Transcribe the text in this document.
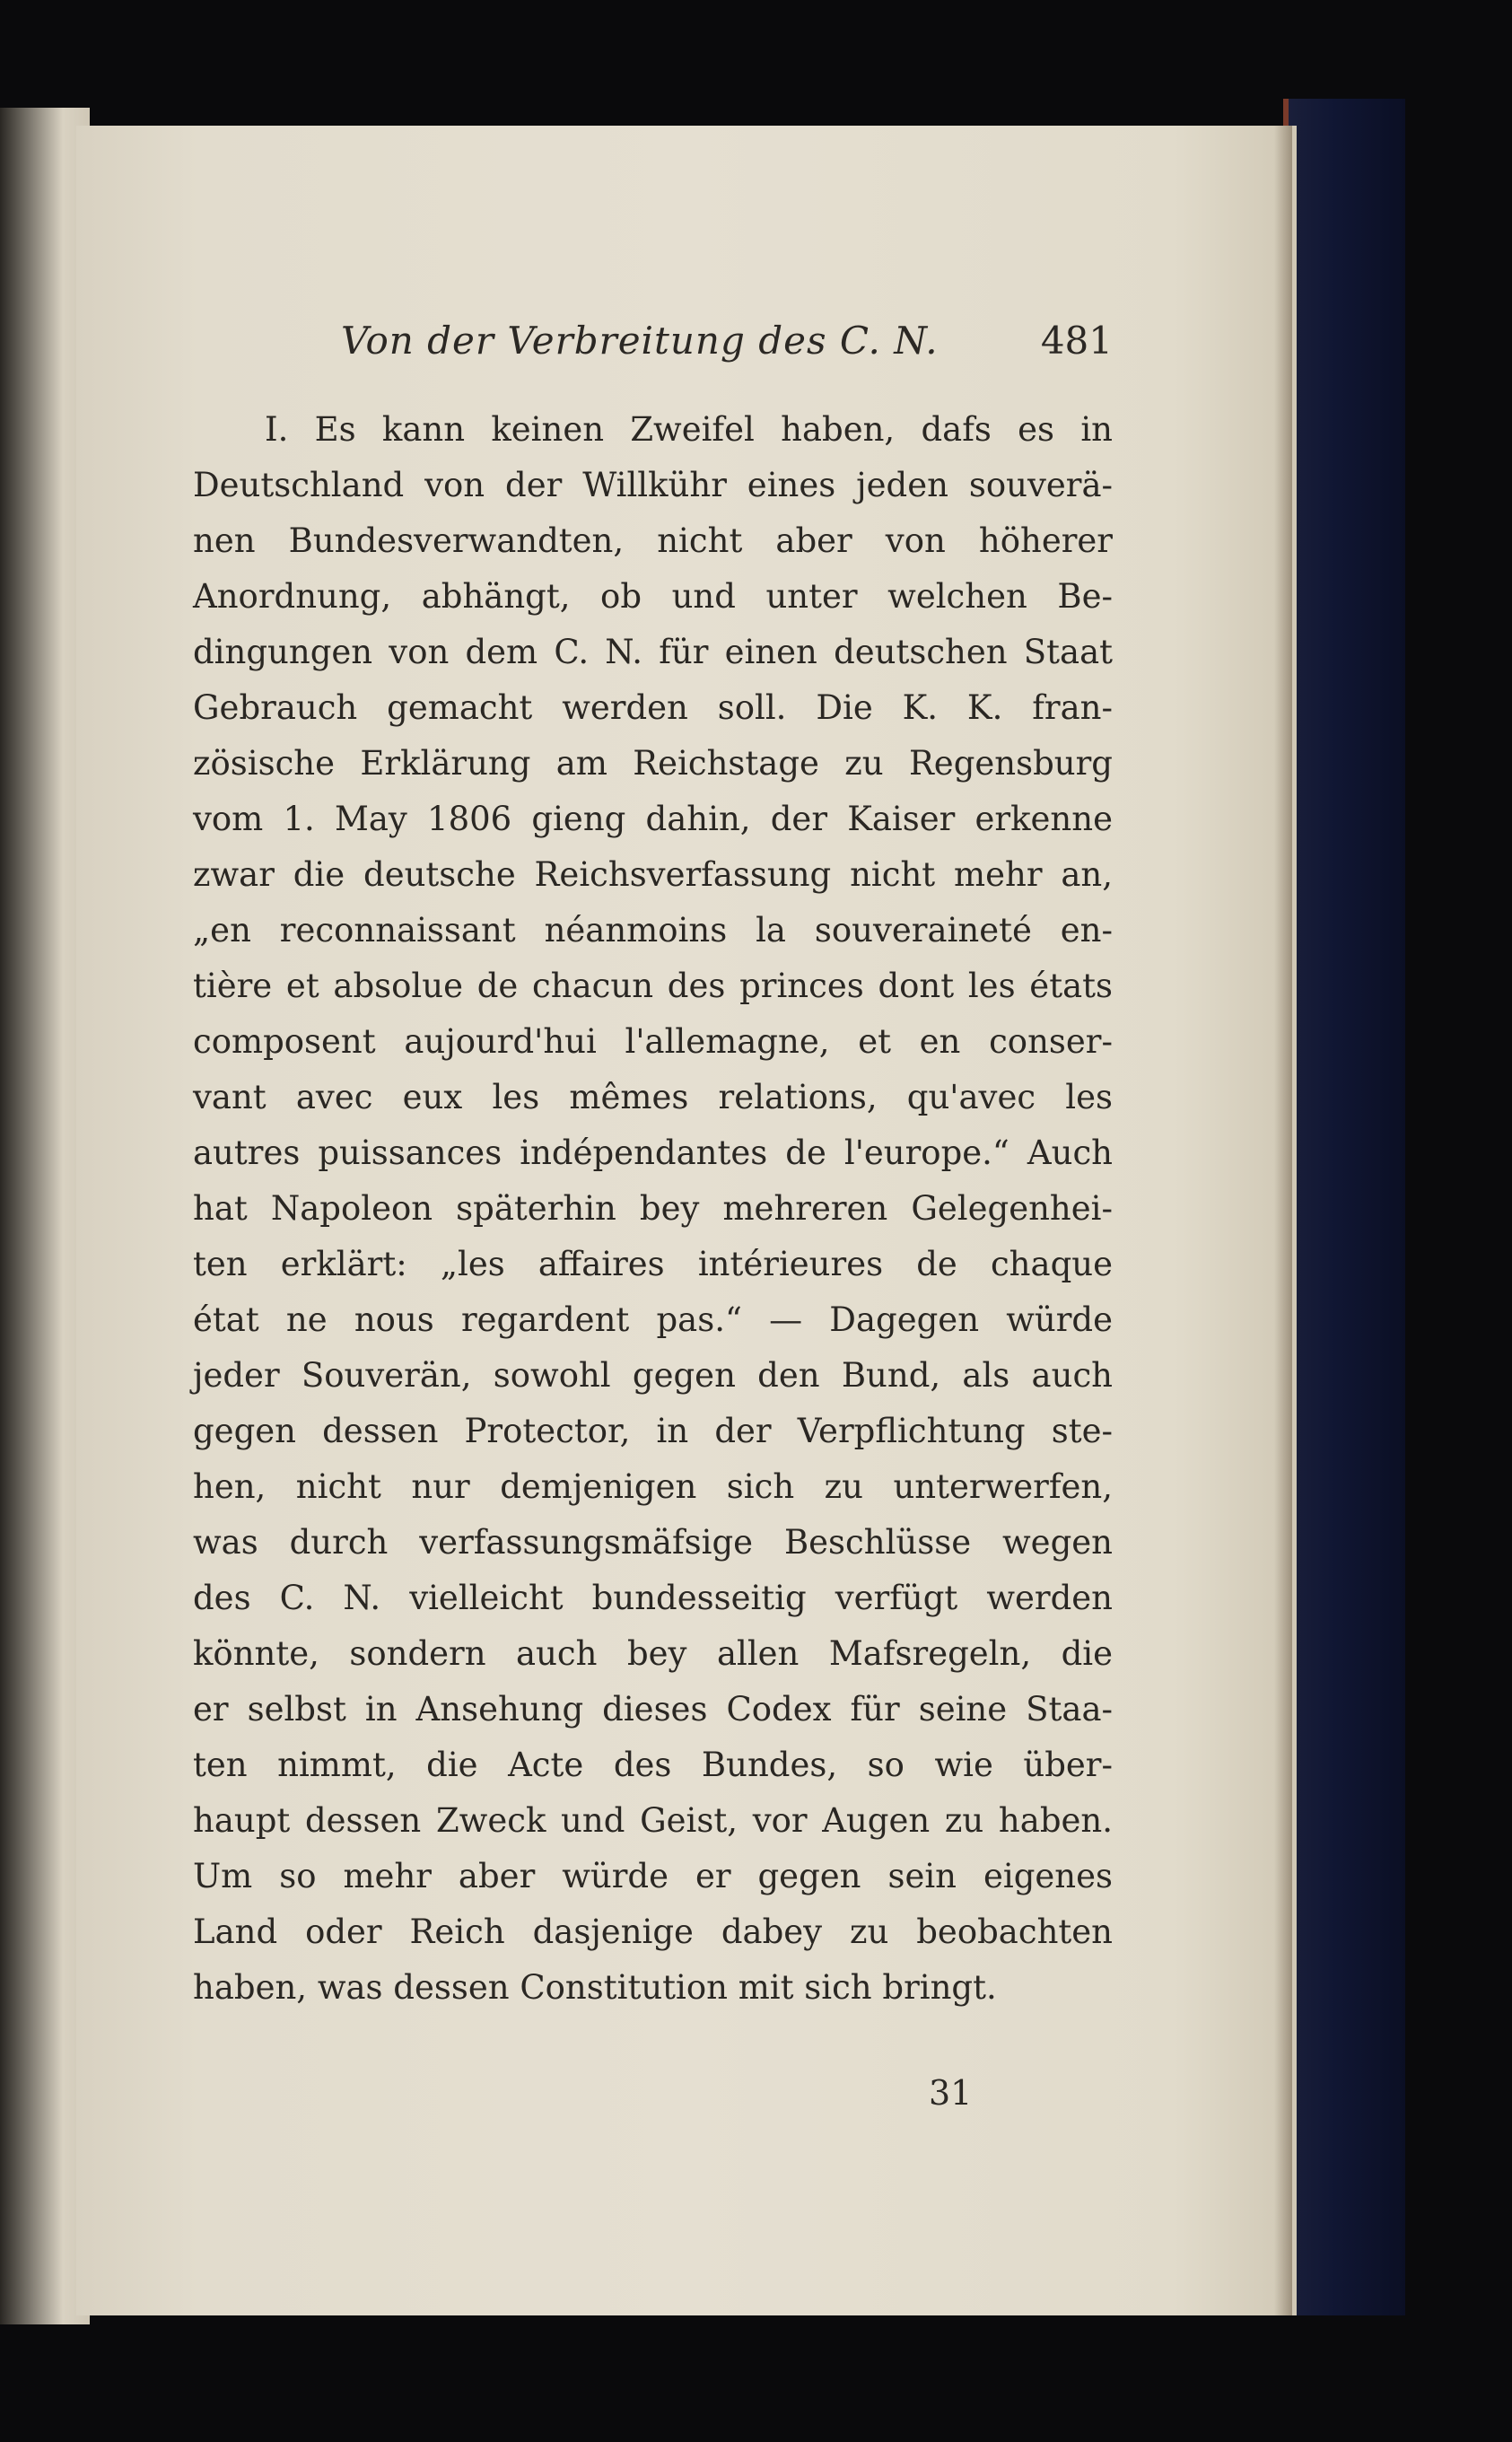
Von der Verbreitung des C. N.	481
I. Es kann keinen Zweifel haben, dafs es in
Deutschland von der Willkühr eines jeden souverä-
nen Bundesverwandten, nicht aber von höherer
Anordnung, abhängt, ob und unter welchen Be-
dingungen von dem C. N. für einen deutschen Staat
Gebrauch gemacht werden soll. Die K. K. fran-
zösische Erklärung am Reichstage zu Regensburg
vom 1. May 1806 gieng dahin, der Kaiser erkenne
zwar die deutsche Reichsverfassung nicht mehr an,
„en reconnaissant néanmoins la souveraineté en-
tière et absolue de chacun des princes dont les états
composent aujourd'hui l'allemagne, et en conser-
vant avec eux les mêmes relations, qu'avec les
autres puissances indépendantes de l'europe.“ Auch
hat Napoleon späterhin bey mehreren Gelegenhei-
ten erklärt: „les affaires intérieures de chaque
état ne nous regardent pas.“ — Dagegen würde
jeder Souverän, sowohl gegen den Bund, als auch
gegen dessen Protector, in der Verpflichtung ste-
hen, nicht nur demjenigen sich zu unterwerfen,
was durch verfassungsmäfsige Beschlüsse wegen
des C. N. vielleicht bundesseitig verfügt werden
könnte, sondern auch bey allen Mafsregeln, die
er selbst in Ansehung dieses Codex für seine Staa-
ten nimmt, die Acte des Bundes, so wie über-
haupt dessen Zweck und Geist, vor Augen zu haben.
Um so mehr aber würde er gegen sein eigenes
Land oder Reich dasjenige dabey zu beobachten
haben, was dessen Constitution mit sich bringt.
31
